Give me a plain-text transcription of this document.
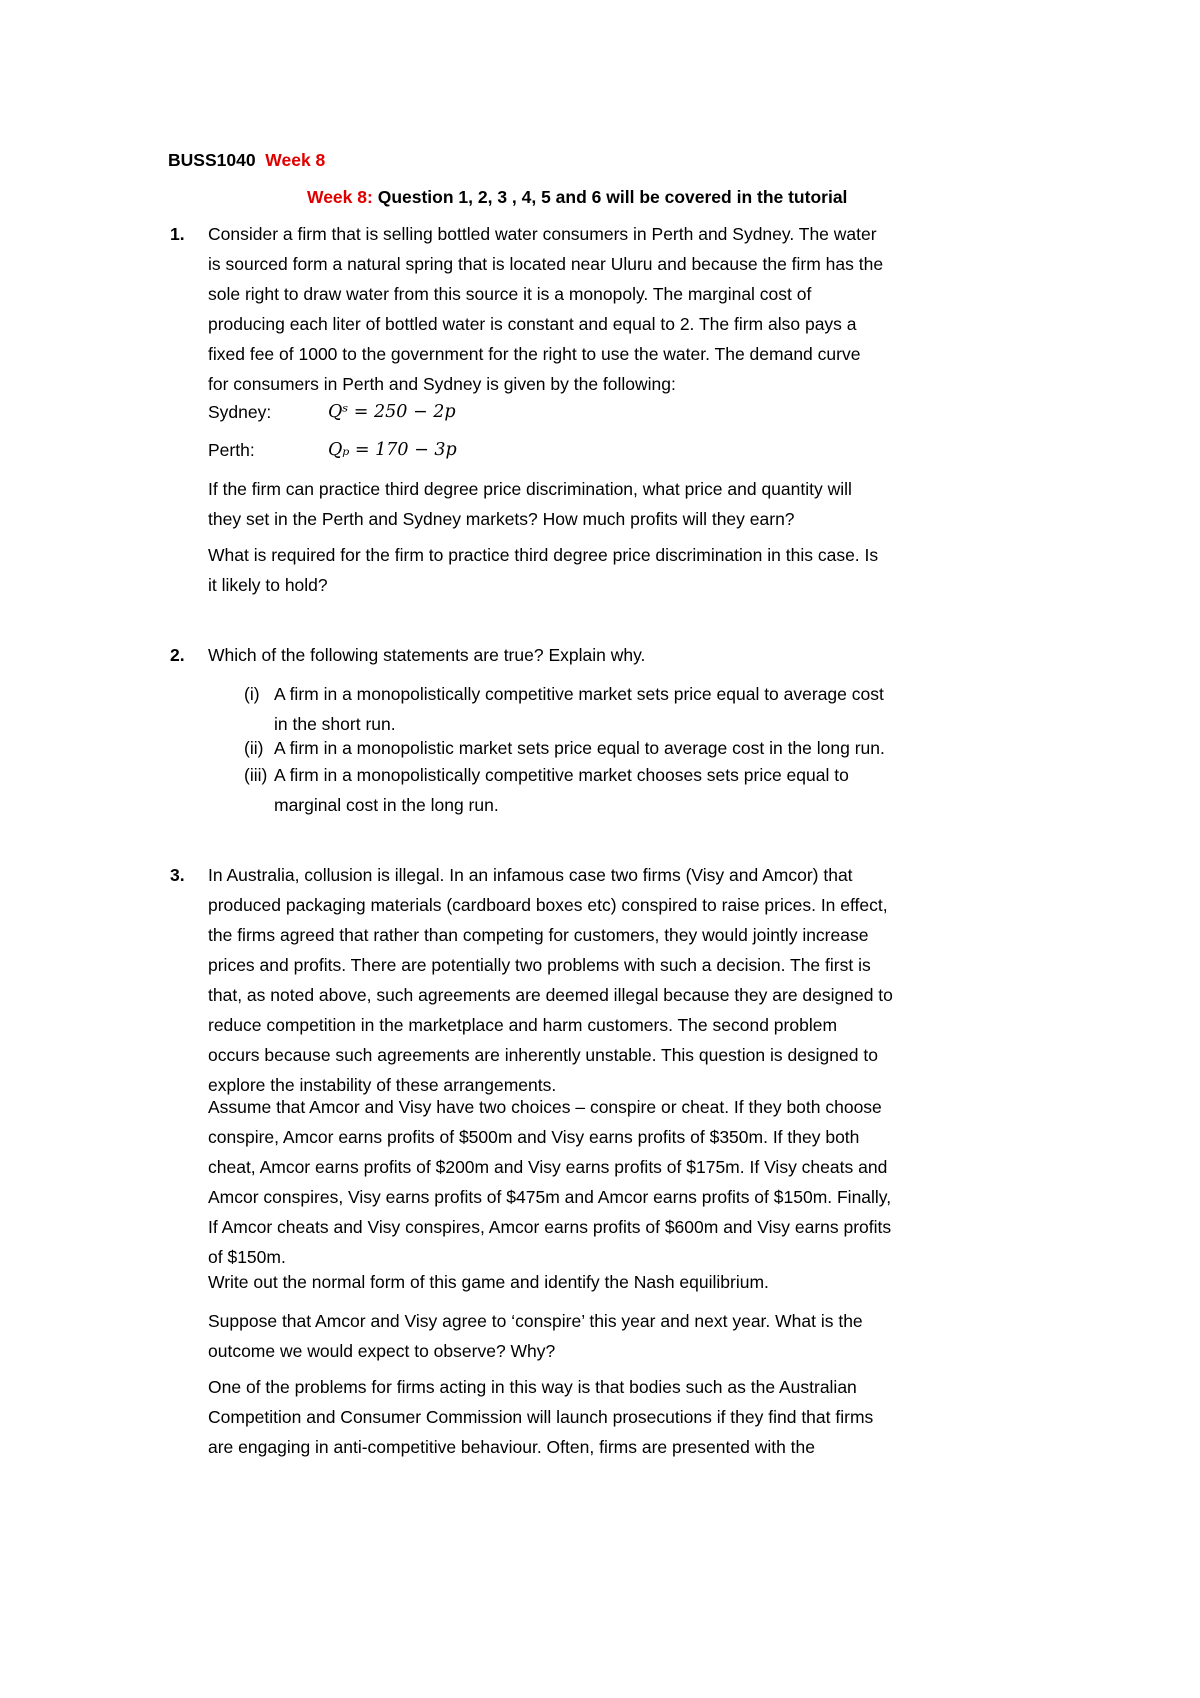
BUSS1040 Week 8
Week 8: Question 1, 2, 3 , 4, 5 and 6 will be covered in the tutorial
1. Consider a firm that is selling bottled water consumers in Perth and Sydney. The water
is sourced form a natural spring that is located near Uluru and because the firm has the
sole right to draw water from this source it is a monopoly. The marginal cost of
producing each liter of bottled water is constant and equal to 2. The firm also pays a
fixed fee of 1000 to the government for the right to use the water. The demand curve
for consumers in Perth and Sydney is given by the following:
Sydney:	Qˢ = 250 − 2p
Perth:	Qₚ = 170 − 3p
If the firm can practice third degree price discrimination, what price and quantity will
they set in the Perth and Sydney markets? How much profits will they earn?
What is required for the firm to practice third degree price discrimination in this case. Is
it likely to hold?
2. Which of the following statements are true? Explain why.
(i) A firm in a monopolistically competitive market sets price equal to average cost
in the short run.
(ii) A firm in a monopolistic market sets price equal to average cost in the long run.
(iii) A firm in a monopolistically competitive market chooses sets price equal to
marginal cost in the long run.
3. In Australia, collusion is illegal. In an infamous case two firms (Visy and Amcor) that
produced packaging materials (cardboard boxes etc) conspired to raise prices. In effect,
the firms agreed that rather than competing for customers, they would jointly increase
prices and profits. There are potentially two problems with such a decision. The first is
that, as noted above, such agreements are deemed illegal because they are designed to
reduce competition in the marketplace and harm customers. The second problem
occurs because such agreements are inherently unstable. This question is designed to
explore the instability of these arrangements.
Assume that Amcor and Visy have two choices – conspire or cheat. If they both choose
conspire, Amcor earns profits of $500m and Visy earns profits of $350m. If they both
cheat, Amcor earns profits of $200m and Visy earns profits of $175m. If Visy cheats and
Amcor conspires, Visy earns profits of $475m and Amcor earns profits of $150m. Finally,
If Amcor cheats and Visy conspires, Amcor earns profits of $600m and Visy earns profits
of $150m.
Write out the normal form of this game and identify the Nash equilibrium.
Suppose that Amcor and Visy agree to ‘conspire’ this year and next year. What is the
outcome we would expect to observe? Why?
One of the problems for firms acting in this way is that bodies such as the Australian
Competition and Consumer Commission will launch prosecutions if they find that firms
are engaging in anti-competitive behaviour. Often, firms are presented with the
